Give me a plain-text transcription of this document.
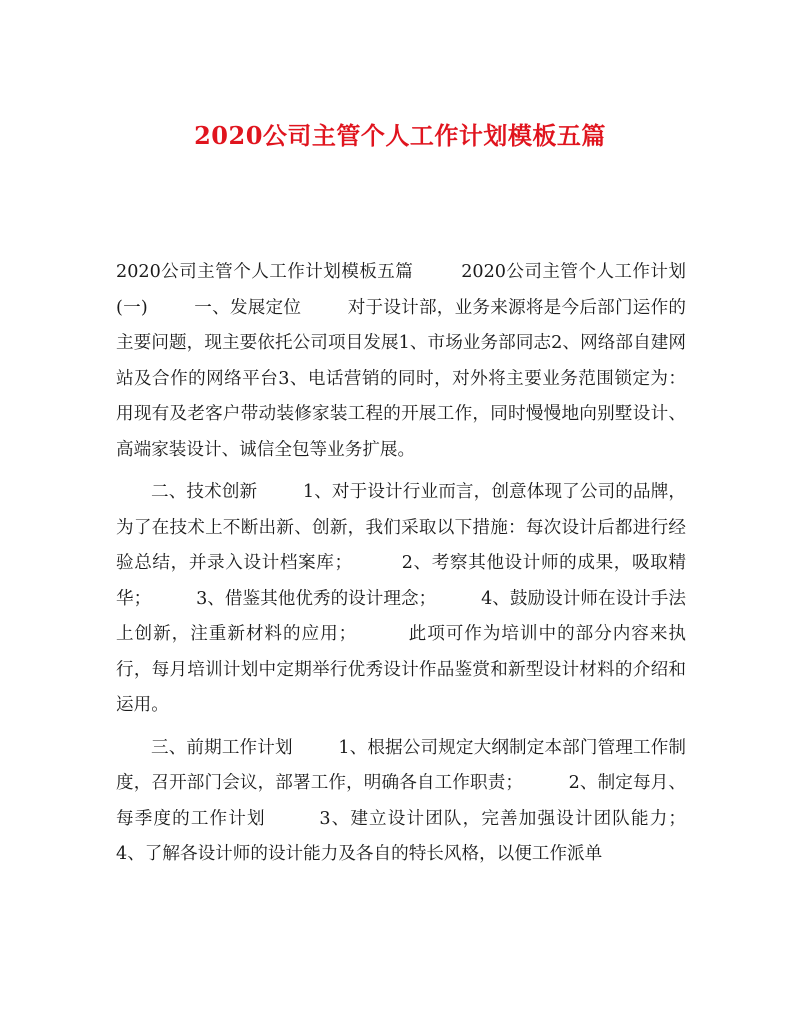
2020公司主管个人工作计划模板五篇

2020公司主管个人工作计划模板五篇        2020公司主管个人工作计划(一)        一、发展定位        对于设计部，业务来源将是今后部门运作的主要问题，现主要依托公司项目发展1、市场业务部同志2、网络部自建网站及合作的网络平台3、电话营销的同时，对外将主要业务范围锁定为：用现有及老客户带动装修家装工程的开展工作，同时慢慢地向别墅设计、高端家装设计、诚信全包等业务扩展。

二、技术创新        1、对于设计行业而言，创意体现了公司的品牌，为了在技术上不断出新、创新，我们采取以下措施：每次设计后都进行经验总结，并录入设计档案库；        2、考察其他设计师的成果，吸取精华；        3、借鉴其他优秀的设计理念；        4、鼓励设计师在设计手法上创新，注重新材料的应用；        此项可作为培训中的部分内容来执行，每月培训计划中定期举行优秀设计作品鉴赏和新型设计材料的介绍和运用。

三、前期工作计划        1、根据公司规定大纲制定本部门管理工作制度，召开部门会议，部署工作，明确各自工作职责；        2、制定每月、每季度的工作计划        3、建立设计团队，完善加强设计团队能力；        4、了解各设计师的设计能力及各自的特长风格，以便工作派单
